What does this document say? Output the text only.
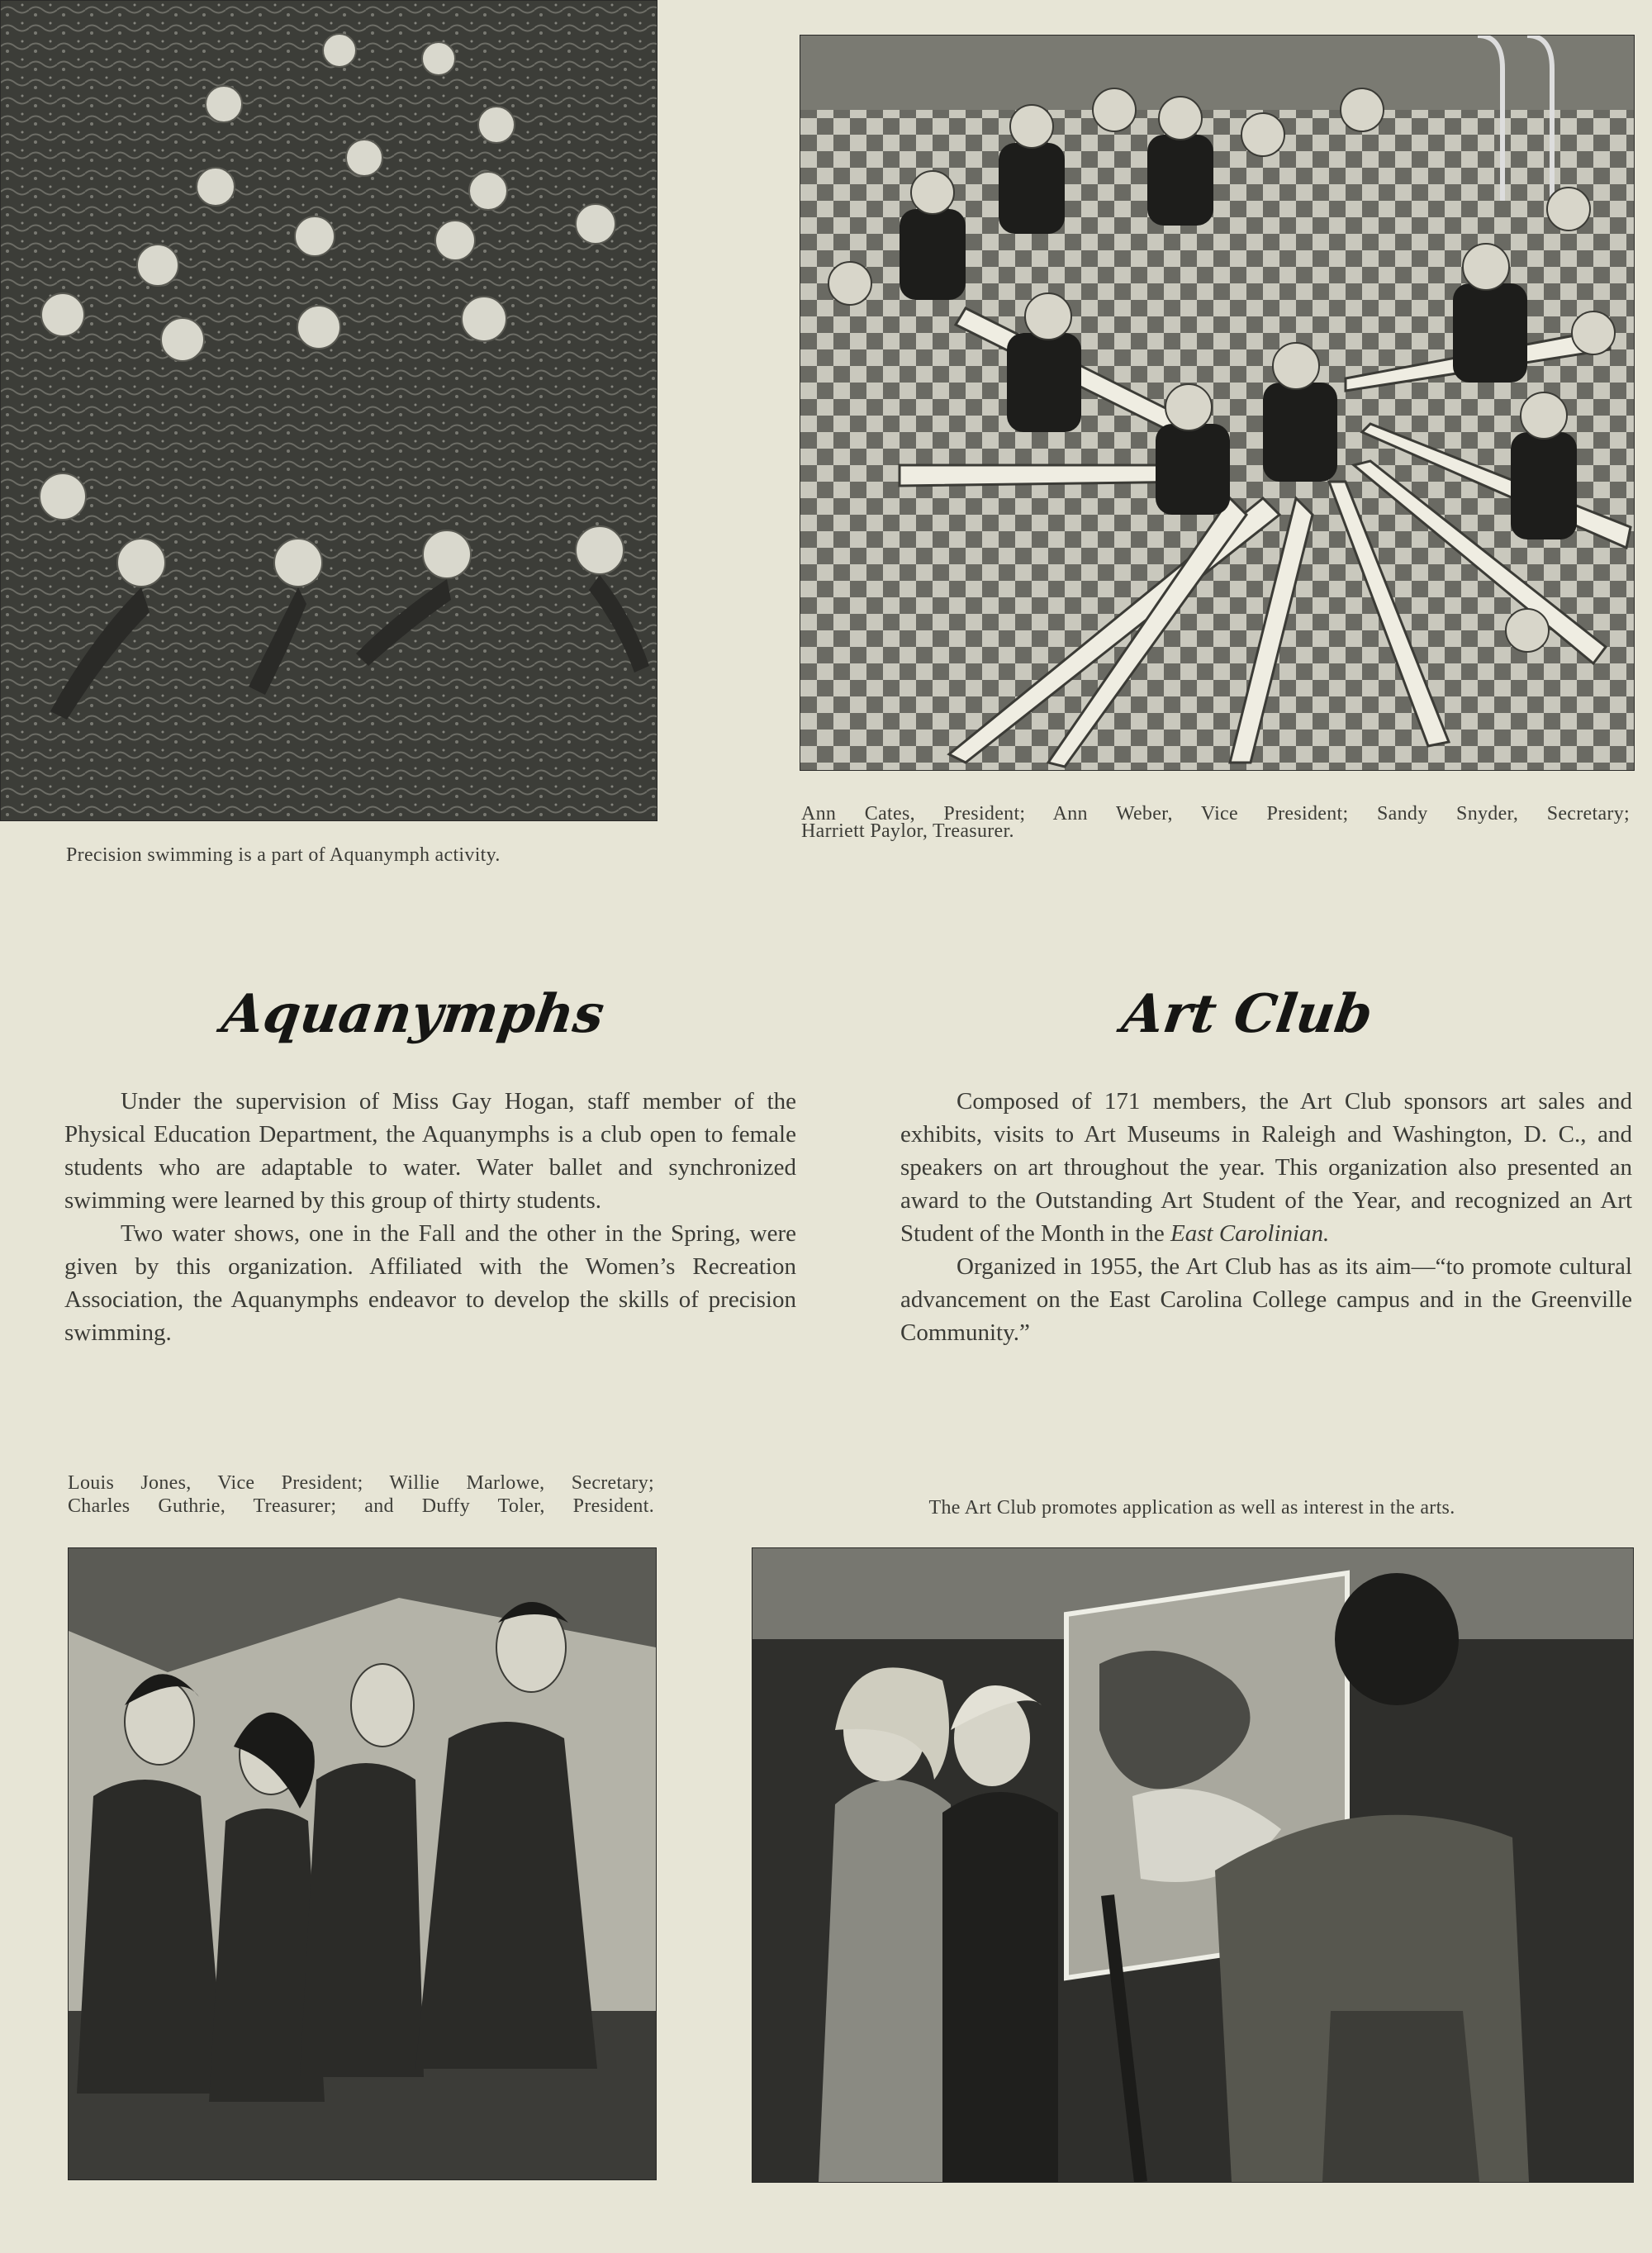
Precision swimming is a part of Aquanymph activity.

Ann Cates, President; Ann Weber, Vice President; Sandy Snyder, Secretary;

Harriett Paylor, Treasurer.

Aquanymphs

Under the supervision of Miss Gay Hogan, staff member of the Physical Education Department, the Aquanymphs is a club open to female students who are adaptable to water. Water ballet and synchronized swimming were learned by this group of thirty students.

Two water shows, one in the Fall and the other in the Spring, were given by this organization. Affiliated with the Women’s Recreation Association, the Aquanymphs endeavor to develop the skills of precision swimming.

Art Club

Composed of 171 members, the Art Club sponsors art sales and exhibits, visits to Art Museums in Raleigh and Washington, D. C., and speakers on art throughout the year. This organization also presented an award to the Outstanding Art Student of the Year, and recognized an Art Student of the Month in the East Carolinian.

Organized in 1955, the Art Club has as its aim—“to promote cultural advancement on the East Carolina College campus and in the Greenville Community.”

Louis Jones, Vice President; Willie Marlowe, Secretary;

Charles Guthrie, Treasurer; and Duffy Toler, President.	The Art Club promotes application as well as interest in the arts.
